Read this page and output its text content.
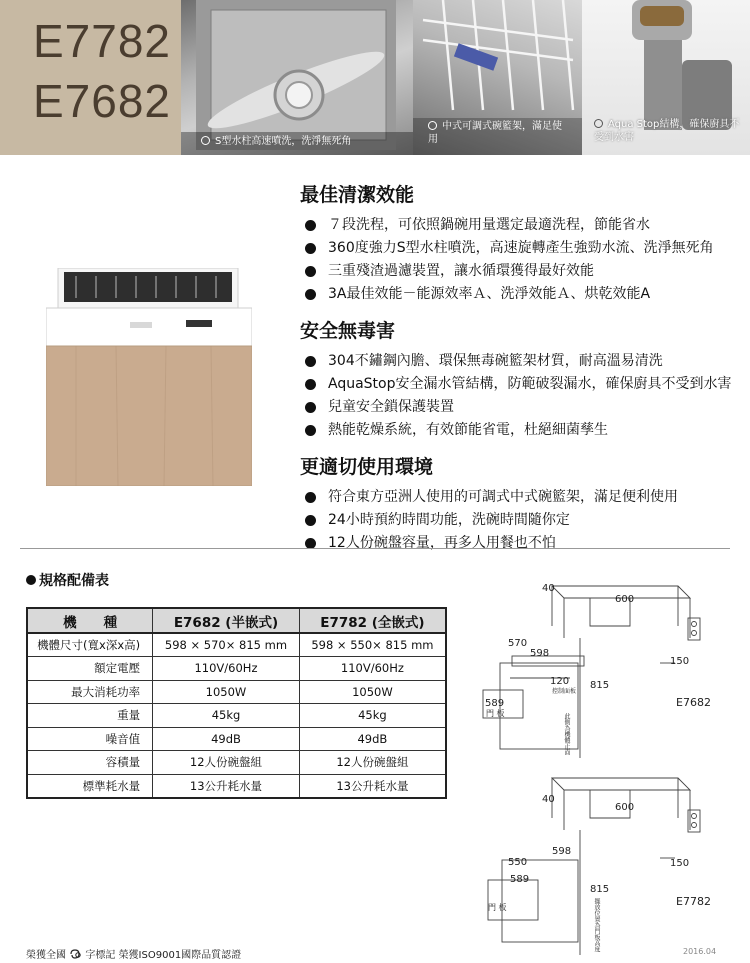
E7782
E7682
S型水柱高速噴洗，洗淨無死角
中式可調式碗籃架，滿足使用
Aqua Stop結構，確保廚具不受到水害
最佳清潔效能
７段洗程，可依照鍋碗用量選定最適洗程，節能省水
360度強力S型水柱噴洗，高速旋轉產生強勁水流、洗淨無死角
三重殘渣過濾裝置，讓水循環獲得最好效能
3A最佳效能－能源效率Ａ、洗淨效能Ａ、烘乾效能A
安全無毒害
304不鏽鋼內膽、環保無毒碗籃架材質，耐高溫易清洗
AquaStop安全漏水管結構，防範破裂漏水，確保廚具不受到水害
兒童安全鎖保護裝置
熱能乾燥系統，有效節能省電，杜絕細菌孳生
更適切使用環境
符合東方亞洲人使用的可調式中式碗籃架，滿足便利使用
24小時預約時間功能，洗碗時間隨你定
12人份碗盤容量，再多人用餐也不怕
規格配備表
機　　種	E7682 (半嵌式)	E7782 (全嵌式)
機體尺寸(寬x深x高)	598 × 570× 815 mm	598 × 550× 815 mm
額定電壓	110V/60Hz	110V/60Hz
最大消耗功率	1050W	1050W
重量	45kg	45kg
噪音值	49dB	49dB
容積量	12人份碗盤組	12人份碗盤組
標準耗水量	13公升耗水量	13公升耗水量
40
600
570
598
150
120
控制面板
815
589
門 板	此側為機體正面
E7682
40
600
598
550
589
150
815
門 板	擺放位置為門板高度	E7782
榮獲全國 字標記 榮獲ISO9001國際品質認證	2016.04
